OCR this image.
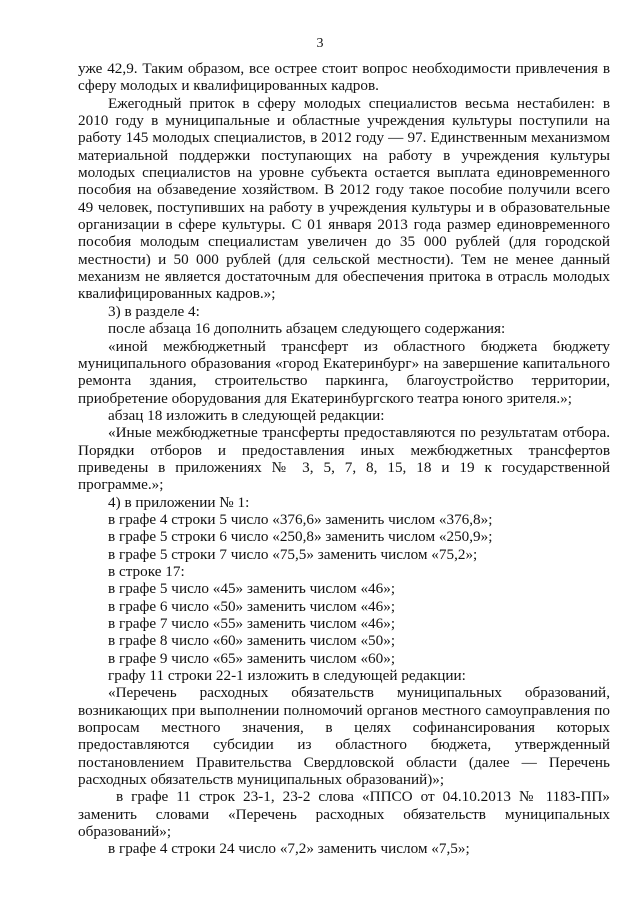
3

уже 42,9. Таким образом, все острее стоит вопрос необходимости привлечения в сферу молодых и квалифицированных кадров.

Ежегодный приток в сферу молодых специалистов весьма нестабилен: в 2010 году в муниципальные и областные учреждения культуры поступили на работу 145 молодых специалистов, в 2012 году — 97. Единственным механизмом материальной поддержки поступающих на работу в учреждения культуры молодых специалистов на уровне субъекта остается выплата единовременного пособия на обзаведение хозяйством. В 2012 году такое пособие получили всего 49 человек, поступивших на работу в учреждения культуры и в образовательные организации в сфере культуры. С 01 января 2013 года размер единовременного пособия молодым специалистам увеличен до 35 000 рублей (для городской местности) и 50 000 рублей (для сельской местности). Тем не менее данный механизм не является достаточным для обеспечения притока в отрасль молодых квалифицированных кадров.»;

3) в разделе 4:

после абзаца 16 дополнить абзацем следующего содержания:

«иной межбюджетный трансферт из областного бюджета бюджету муниципального образования «город Екатеринбург» на завершение капитального ремонта здания, строительство паркинга, благоустройство территории, приобретение оборудования для Екатеринбургского театра юного зрителя.»;

абзац 18 изложить в следующей редакции:

«Иные межбюджетные трансферты предоставляются по результатам отбора. Порядки отборов и предоставления иных межбюджетных трансфертов приведены в приложениях № 3, 5, 7, 8, 15, 18 и 19 к государственной программе.»;

4) в приложении № 1:

в графе 4 строки 5 число «376,6» заменить числом «376,8»;

в графе 5 строки 6 число «250,8» заменить числом «250,9»;

в графе 5 строки 7 число «75,5» заменить числом «75,2»;

в строке 17:

в графе 5 число «45» заменить числом «46»;

в графе 6 число «50» заменить числом «46»;

в графе 7 число «55» заменить числом «46»;

в графе 8 число «60» заменить числом «50»;

в графе 9 число «65» заменить числом «60»;

графу 11 строки 22-1 изложить в следующей редакции:

«Перечень расходных обязательств муниципальных образований, возникающих при выполнении полномочий органов местного самоуправления по вопросам местного значения, в целях софинансирования которых предоставляются субсидии из областного бюджета, утвержденный постановлением Правительства Свердловской области (далее — Перечень расходных обязательств муниципальных образований)»;

в графе 11 строк 23-1, 23-2 слова «ППСО от 04.10.2013 № 1183-ПП» заменить словами «Перечень расходных обязательств муниципальных образований»;

в графе 4 строки 24 число «7,2» заменить числом «7,5»;
